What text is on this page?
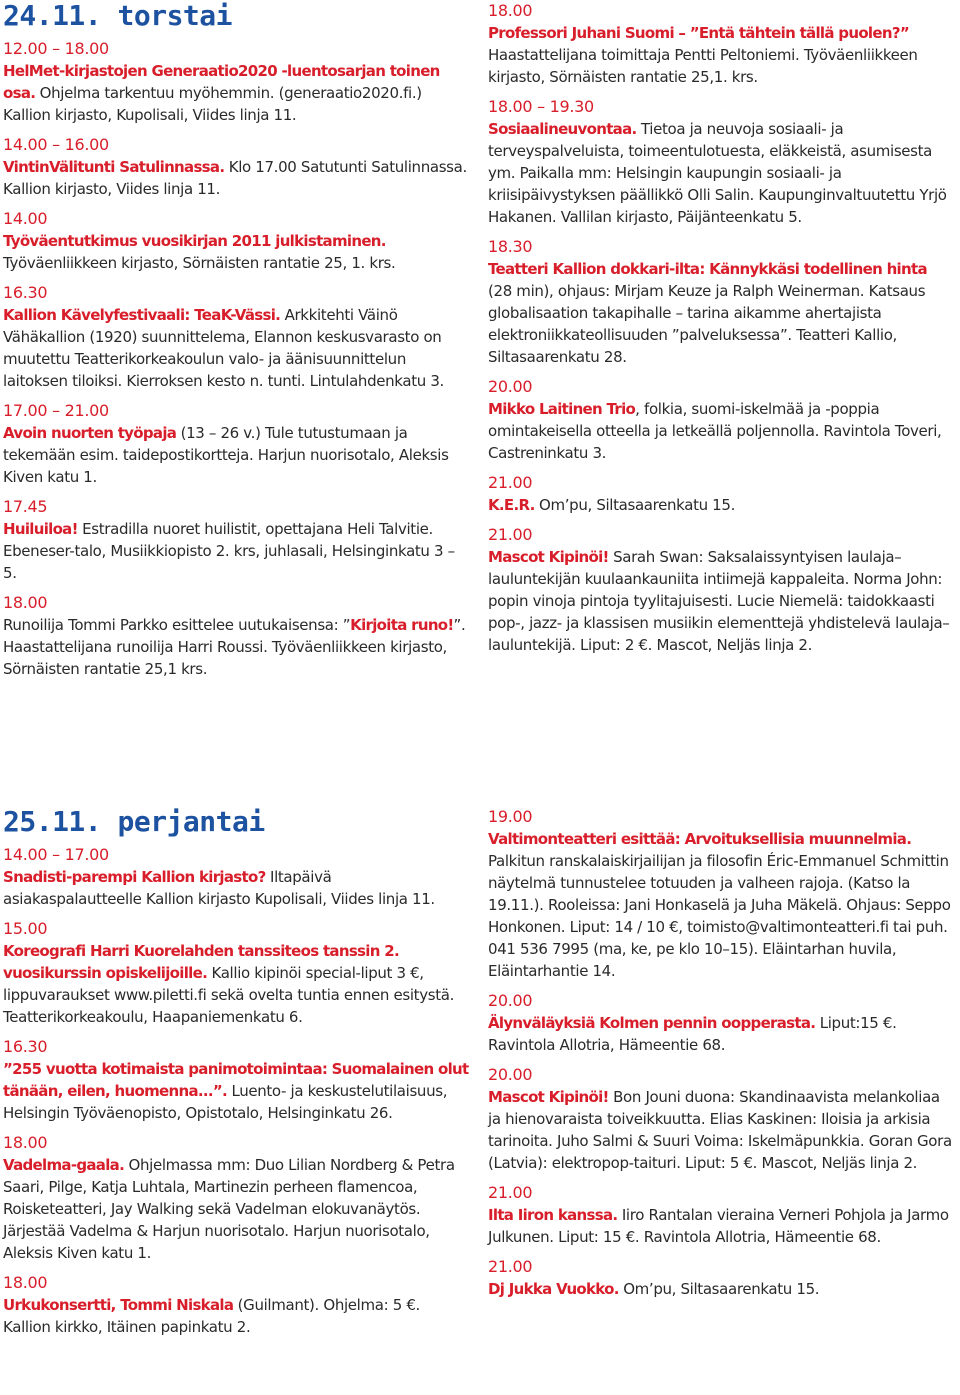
24.11. torstai
12.00 – 18.00
HelMet-kirjastojen Generaatio2020 -luentosarjan toinen osa. Ohjelma tarkentuu myöhemmin. (generaatio2020.fi.) Kallion kirjasto, Kupolisali, Viides linja 11.
14.00 – 16.00
VintinVälitunti Satulinnassa. Klo 17.00 Satutunti Satulinnassa. Kallion kirjasto, Viides linja 11.
14.00
Työväentutkimus vuosikirjan 2011 julkistaminen. Työväenliikkeen kirjasto, Sörnäisten rantatie 25, 1. krs.
16.30
Kallion Kävelyfestivaali: TeaK-Vässi. Arkkitehti Väinö Vähäkallion (1920) suunnittelema, Elannon keskusvarasto on muutettu Teatterikorkeakoulun valo- ja äänisuunnittelun laitoksen tiloiksi. Kierroksen kesto n. tunti. Lintulahdenkatu 3.
17.00 – 21.00
Avoin nuorten työpaja (13 – 26 v.) Tule tutustumaan ja tekemään esim. taidepostikortteja. Harjun nuorisotalo, Aleksis Kiven katu 1.
17.45
Huiluiloa! Estradilla nuoret huilistit, opettajana Heli Talvitie. Ebeneser-talo, Musiikkiopisto 2. krs, juhlasali, Helsinginkatu 3 – 5.
18.00
Runoilija Tommi Parkko esittelee uutukaisensa: ”Kirjoita runo!”. Haastattelijana runoilija Harri Roussi. Työväenliikkeen kirjasto, Sörnäisten rantatie 25,1 krs.
18.00
Professori Juhani Suomi – ”Entä tähtein tällä puolen?” Haastattelijana toimittaja Pentti Peltoniemi. Työväenliikkeen kirjasto, Sörnäisten rantatie 25,1. krs.
18.00 – 19.30
Sosiaalineuvontaa. Tietoa ja neuvoja sosiaali- ja terveyspalveluista, toimeentulotuesta, eläkkeistä, asumisesta ym. Paikalla mm: Helsingin kaupungin sosiaali- ja kriisipäivystyksen päällikkö Olli Salin. Kaupunginvaltuutettu Yrjö Hakanen. Vallilan kirjasto, Päijänteenkatu 5.
18.30
Teatteri Kallion dokkari-ilta: Kännykkäsi todellinen hinta (28 min), ohjaus: Mirjam Keuze ja Ralph Weinerman. Katsaus globalisaation takapihalle – tarina aikamme ahertajista elektroniikkateollisuuden ”palveluksessa”. Teatteri Kallio, Siltasaarenkatu 28.
20.00
Mikko Laitinen Trio, folkia, suomi-iskelmää ja -poppia omintakeisella otteella ja letkeällä poljennolla. Ravintola Toveri, Castreninkatu 3.
21.00
K.E.R. Om’pu, Siltasaarenkatu 15.
21.00
Mascot Kipinöi! Sarah Swan: Saksalaissyntyisen laulaja–lauluntekijän kuulaankauniita intiimejä kappaleita. Norma John: popin vinoja pintoja tyylitajuisesti. Lucie Niemelä: taidokkaasti pop-, jazz- ja klassisen musiikin elementtejä yhdistelevä laulaja–lauluntekijä. Liput: 2 €. Mascot, Neljäs linja 2.
25.11. perjantai
14.00 – 17.00
Snadisti-parempi Kallion kirjasto? Iltapäivä asiakaspalautteelle Kallion kirjasto Kupolisali, Viides linja 11.
15.00
Koreografi Harri Kuorelahden tanssiteos tanssin 2. vuosikurssin opiskelijoille. Kallio kipinöi special-liput 3 €, lippuvaraukset www.piletti.fi sekä ovelta tuntia ennen esitystä. Teatterikorkeakoulu, Haapaniemenkatu 6.
16.30
”255 vuotta kotimaista panimotoimintaa: Suomalainen olut tänään, eilen, huomenna...”. Luento- ja keskustelutilaisuus, Helsingin Työväenopisto, Opistotalo, Helsinginkatu 26.
18.00
Vadelma-gaala. Ohjelmassa mm: Duo Lilian Nordberg & Petra Saari, Pilge, Katja Luhtala, Martinezin perheen flamencoa, Roisketeatteri, Jay Walking sekä Vadelman elokuvanäytös. Järjestää Vadelma & Harjun nuorisotalo. Harjun nuorisotalo, Aleksis Kiven katu 1.
18.00
Urkukonsertti, Tommi Niskala (Guilmant). Ohjelma: 5 €. Kallion kirkko, Itäinen papinkatu 2.
19.00
Valtimonteatteri esittää: Arvoituksellisia muunnelmia. Palkitun ranskalaiskirjailijan ja filosofin Éric-Emmanuel Schmittin näytelmä tunnustelee totuuden ja valheen rajoja. (Katso la 19.11.). Rooleissa: Jani Honkaselä ja Juha Mäkelä. Ohjaus: Seppo Honkonen. Liput: 14 / 10 €, toimisto@valtimonteatteri.fi tai puh. 041 536 7995 (ma, ke, pe klo 10–15). Eläintarhan huvila, Eläintarhantie 14.
20.00
Älynväläyksiä Kolmen pennin oopperasta. Liput:15 €. Ravintola Allotria, Hämeentie 68.
20.00
Mascot Kipinöi! Bon Jouni duona: Skandinaavista melankoliaa ja hienovaraista toiveikkuutta. Elias Kaskinen: Iloisia ja arkisia tarinoita. Juho Salmi & Suuri Voima: Iskelmäpunkkia. Goran Gora (Latvia): elektropop-taituri. Liput: 5 €. Mascot, Neljäs linja 2.
21.00
Ilta Iiron kanssa. Iiro Rantalan vieraina Verneri Pohjola ja Jarmo Julkunen. Liput: 15 €. Ravintola Allotria, Hämeentie 68.
21.00
Dj Jukka Vuokko. Om’pu, Siltasaarenkatu 15.
